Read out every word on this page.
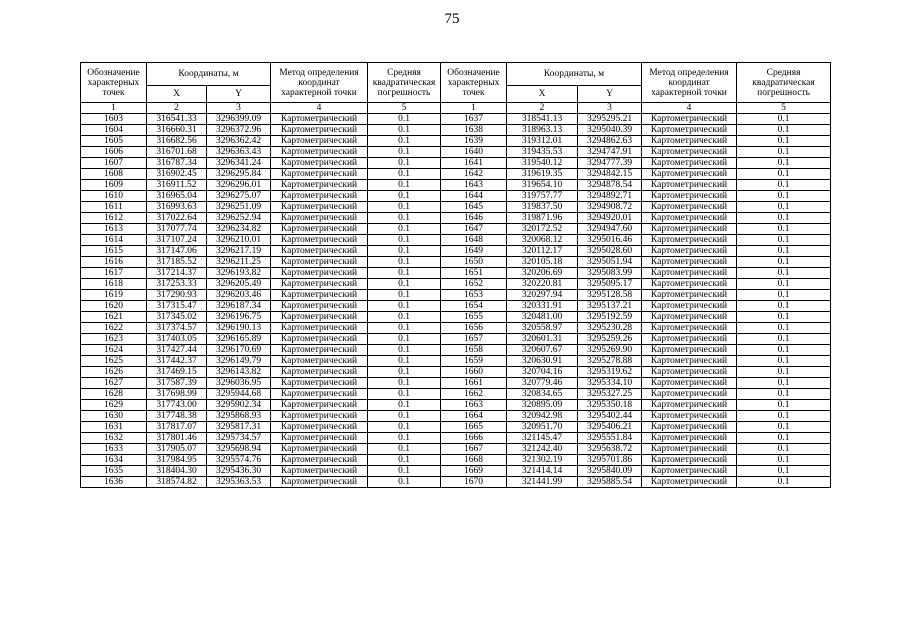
75
Обозначение характерных точек	Координаты, м		Метод определения координат характерной точки	Средняя квадратическая погрешность	Обозначение характерных точек	Координаты, м		Метод определения координат характерной точки	Средняя квадратическая погрешность
	X	Y				X	Y		
1	2	3	4	5	1	2	3	4	5
1603	316541.33	3296399.09	Картометрический	0.1	1637	318541.13	3295295.21	Картометрический	0.1
1604	316660.31	3296372.96	Картометрический	0.1	1638	318963.13	3295040.39	Картометрический	0.1
1605	316682.56	3296362.42	Картометрический	0.1	1639	319312.01	3294862.63	Картометрический	0.1
1606	316701.68	3296363.43	Картометрический	0.1	1640	319435.53	3294747.91	Картометрический	0.1
1607	316787.34	3296341.24	Картометрический	0.1	1641	319540.12	3294777.39	Картометрический	0.1
1608	316902.45	3296295.84	Картометрический	0.1	1642	319619.35	3294842.15	Картометрический	0.1
1609	316911.52	3296296.01	Картометрический	0.1	1643	319654.10	3294878.54	Картометрический	0.1
1610	316965.04	3296275.07	Картометрический	0.1	1644	319757.77	3294892.71	Картометрический	0.1
1611	316993.63	3296251.09	Картометрический	0.1	1645	319837.50	3294908.72	Картометрический	0.1
1612	317022.64	3296252.94	Картометрический	0.1	1646	319871.96	3294920.01	Картометрический	0.1
1613	317077.74	3296234.82	Картометрический	0.1	1647	320172.52	3294947.60	Картометрический	0.1
1614	317107.24	3296210.01	Картометрический	0.1	1648	320068.12	3295016.46	Картометрический	0.1
1615	317147.06	3296217.19	Картометрический	0.1	1649	320112.17	3295028.60	Картометрический	0.1
1616	317185.52	3296211.25	Картометрический	0.1	1650	320105.18	3295051.94	Картометрический	0.1
1617	317214.37	3296193.82	Картометрический	0.1	1651	320206.69	3295083.99	Картометрический	0.1
1618	317253.33	3296205.49	Картометрический	0.1	1652	320220.81	3295095.17	Картометрический	0.1
1619	317290.93	3296203.46	Картометрический	0.1	1653	320297.94	3295128.58	Картометрический	0.1
1620	317315.47	3296187.34	Картометрический	0.1	1654	320331.91	3295137.21	Картометрический	0.1
1621	317345.02	3296196.75	Картометрический	0.1	1655	320481.00	3295192.59	Картометрический	0.1
1622	317374.57	3296190.13	Картометрический	0.1	1656	320558.97	3295230.28	Картометрический	0.1
1623	317403.05	3296165.89	Картометрический	0.1	1657	320601.31	3295259.26	Картометрический	0.1
1624	317427.44	3296170.69	Картометрический	0.1	1658	320607.67	3295269.90	Картометрический	0.1
1625	317442.37	3296149.79	Картометрический	0.1	1659	320630.91	3295278.88	Картометрический	0.1
1626	317469.15	3296143.82	Картометрический	0.1	1660	320704.16	3295319.62	Картометрический	0.1
1627	317587.39	3296036.95	Картометрический	0.1	1661	320779.46	3295334.10	Картометрический	0.1
1628	317698.99	3295944.68	Картометрический	0.1	1662	320834.65	3295327.25	Картометрический	0.1
1629	317743.00	3295902.34	Картометрический	0.1	1663	320895.09	3295350.18	Картометрический	0.1
1630	317748.38	3295868.93	Картометрический	0.1	1664	320942.98	3295402.44	Картометрический	0.1
1631	317817.07	3295817.31	Картометрический	0.1	1665	320951.70	3295406.21	Картометрический	0.1
1632	317801.46	3295734.57	Картометрический	0.1	1666	321145.47	3295551.84	Картометрический	0.1
1633	317905.07	3295698.94	Картометрический	0.1	1667	321242.40	3295638.72	Картометрический	0.1
1634	317984.95	3295574.76	Картометрический	0.1	1668	321302.19	3295701.86	Картометрический	0.1
1635	318404.30	3295436.30	Картометрический	0.1	1669	321414.14	3295840.09	Картометрический	0.1
1636	318574.82	3295363.53	Картометрический	0.1	1670	321441.99	3295885.54	Картометрический	0.1
